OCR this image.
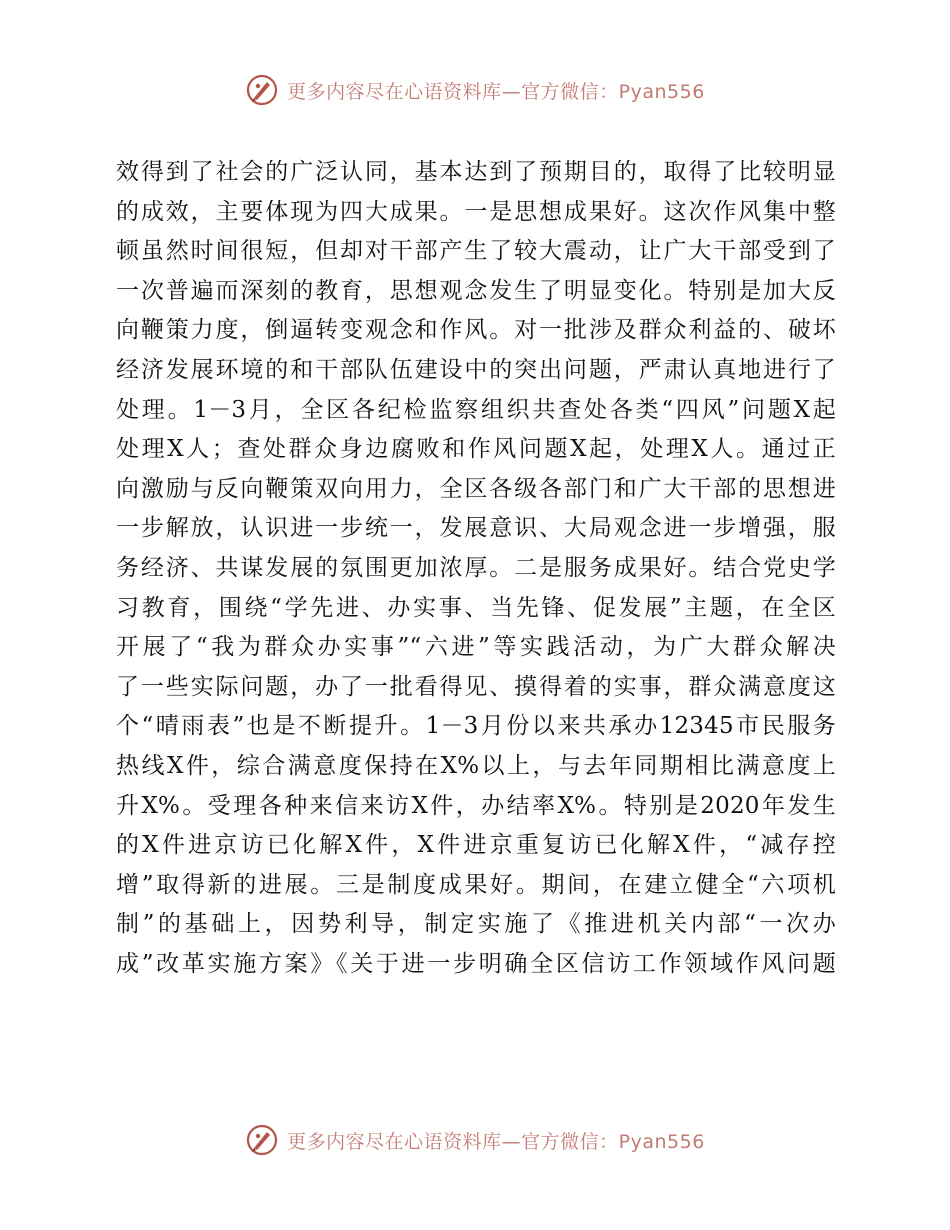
更多内容尽在心语资料库—官方微信：Pyan556
效得到了社会的广泛认同，基本达到了预期目的，取得了比较明显
的成效，主要体现为四大成果。一是思想成果好。这次作风集中整
顿虽然时间很短，但却对干部产生了较大震动，让广大干部受到了
一次普遍而深刻的教育，思想观念发生了明显变化。特别是加大反
向鞭策力度，倒逼转变观念和作风。对一批涉及群众利益的、破坏
经济发展环境的和干部队伍建设中的突出问题，严肃认真地进行了
处理。1－3月，全区各纪检监察组织共查处各类“四风”问题X起
处理X人；查处群众身边腐败和作风问题X起，处理X人。通过正
向激励与反向鞭策双向用力，全区各级各部门和广大干部的思想进
一步解放，认识进一步统一，发展意识、大局观念进一步增强，服
务经济、共谋发展的氛围更加浓厚。二是服务成果好。结合党史学
习教育，围绕“学先进、办实事、当先锋、促发展”主题，在全区
开展了“我为群众办实事”“六进”等实践活动，为广大群众解决
了一些实际问题，办了一批看得见、摸得着的实事，群众满意度这
个“晴雨表”也是不断提升。1－3月份以来共承办12345市民服务
热线X件，综合满意度保持在X%以上，与去年同期相比满意度上
升X%。受理各种来信来访X件，办结率X%。特别是2020年发生
的X件进京访已化解X件，X件进京重复访已化解X件，“减存控
增”取得新的进展。三是制度成果好。期间，在建立健全“六项机
制”的基础上，因势利导，制定实施了《推进机关内部“一次办
成”改革实施方案》《关于进一步明确全区信访工作领域作风问题
更多内容尽在心语资料库—官方微信：Pyan556
